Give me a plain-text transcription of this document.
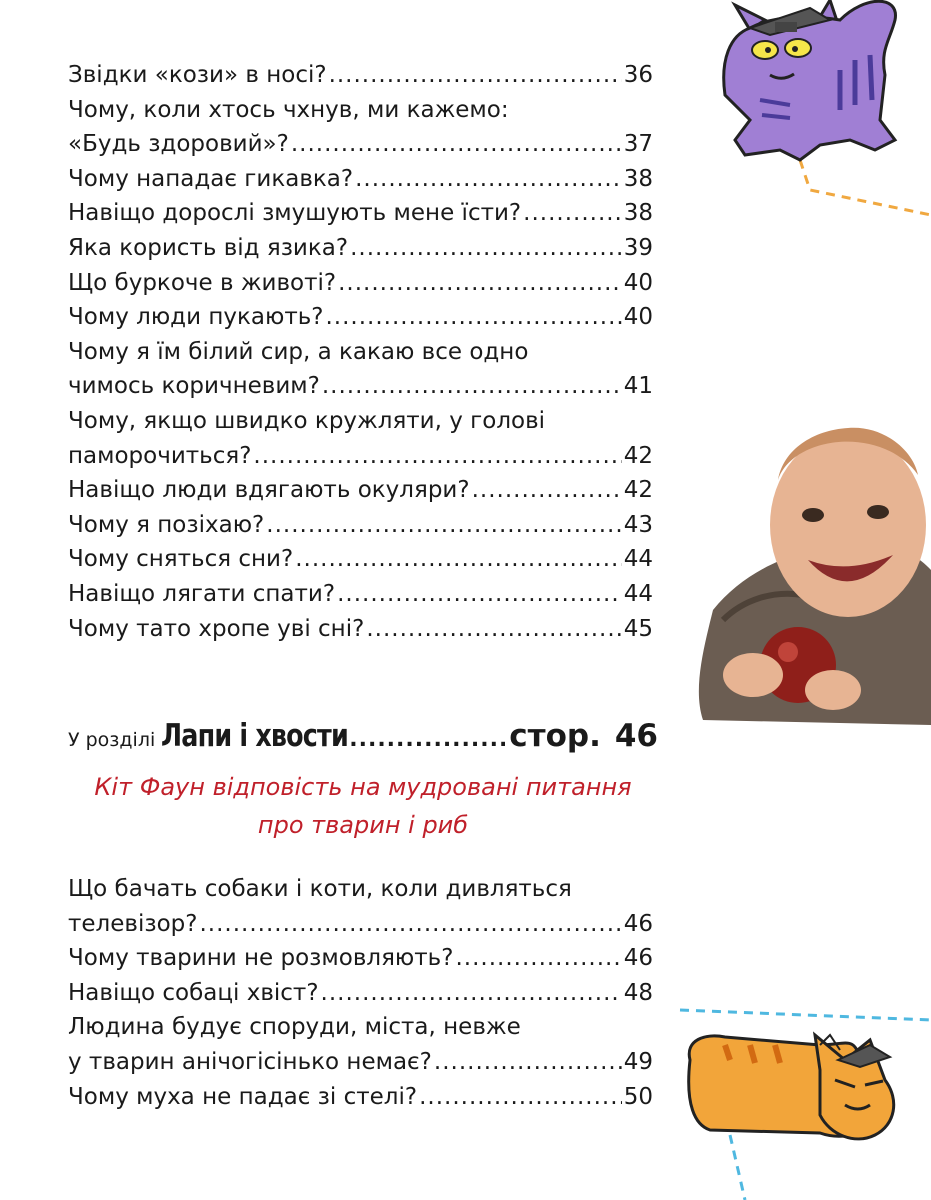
Звідки «кози» в носі? .....	36
Чому, коли хтось чхнув, ми кажемо:
«Будь здоровий»? .....	37
Чому нападає гикавка? .....	38
Навіщо дорослі змушують мене їсти? .....	38
Яка користь від язика? .....	39
Що буркоче в животі? .....	40
Чому люди пукають? .....	40
Чому я їм білий сир, а какаю все одно
чимось коричневим? .....	41
Чому, якщо швидко кружляти, у голові
паморочиться? .....	42
Навіщо люди вдягають окуляри? .....	42
Чому я позіхаю? .....	43
Чому сняться сни? .....	44
Навіщо лягати спати? .....	44
Чому тато хропе уві сні? .....	45
У розділі Лапи і хвости .....	стор. 46
Кіт Фаун відповість на мудровані питання
про тварин і риб
Що бачать собаки і коти, коли дивляться
телевізор? .....	46
Чому тварини не розмовляють? .....	46
Навіщо собаці хвіст? .....	48
Людина будує споруди, міста, невже
у тварин анічогісінько немає? .....	49
Чому муха не падає зі стелі? .....	50
